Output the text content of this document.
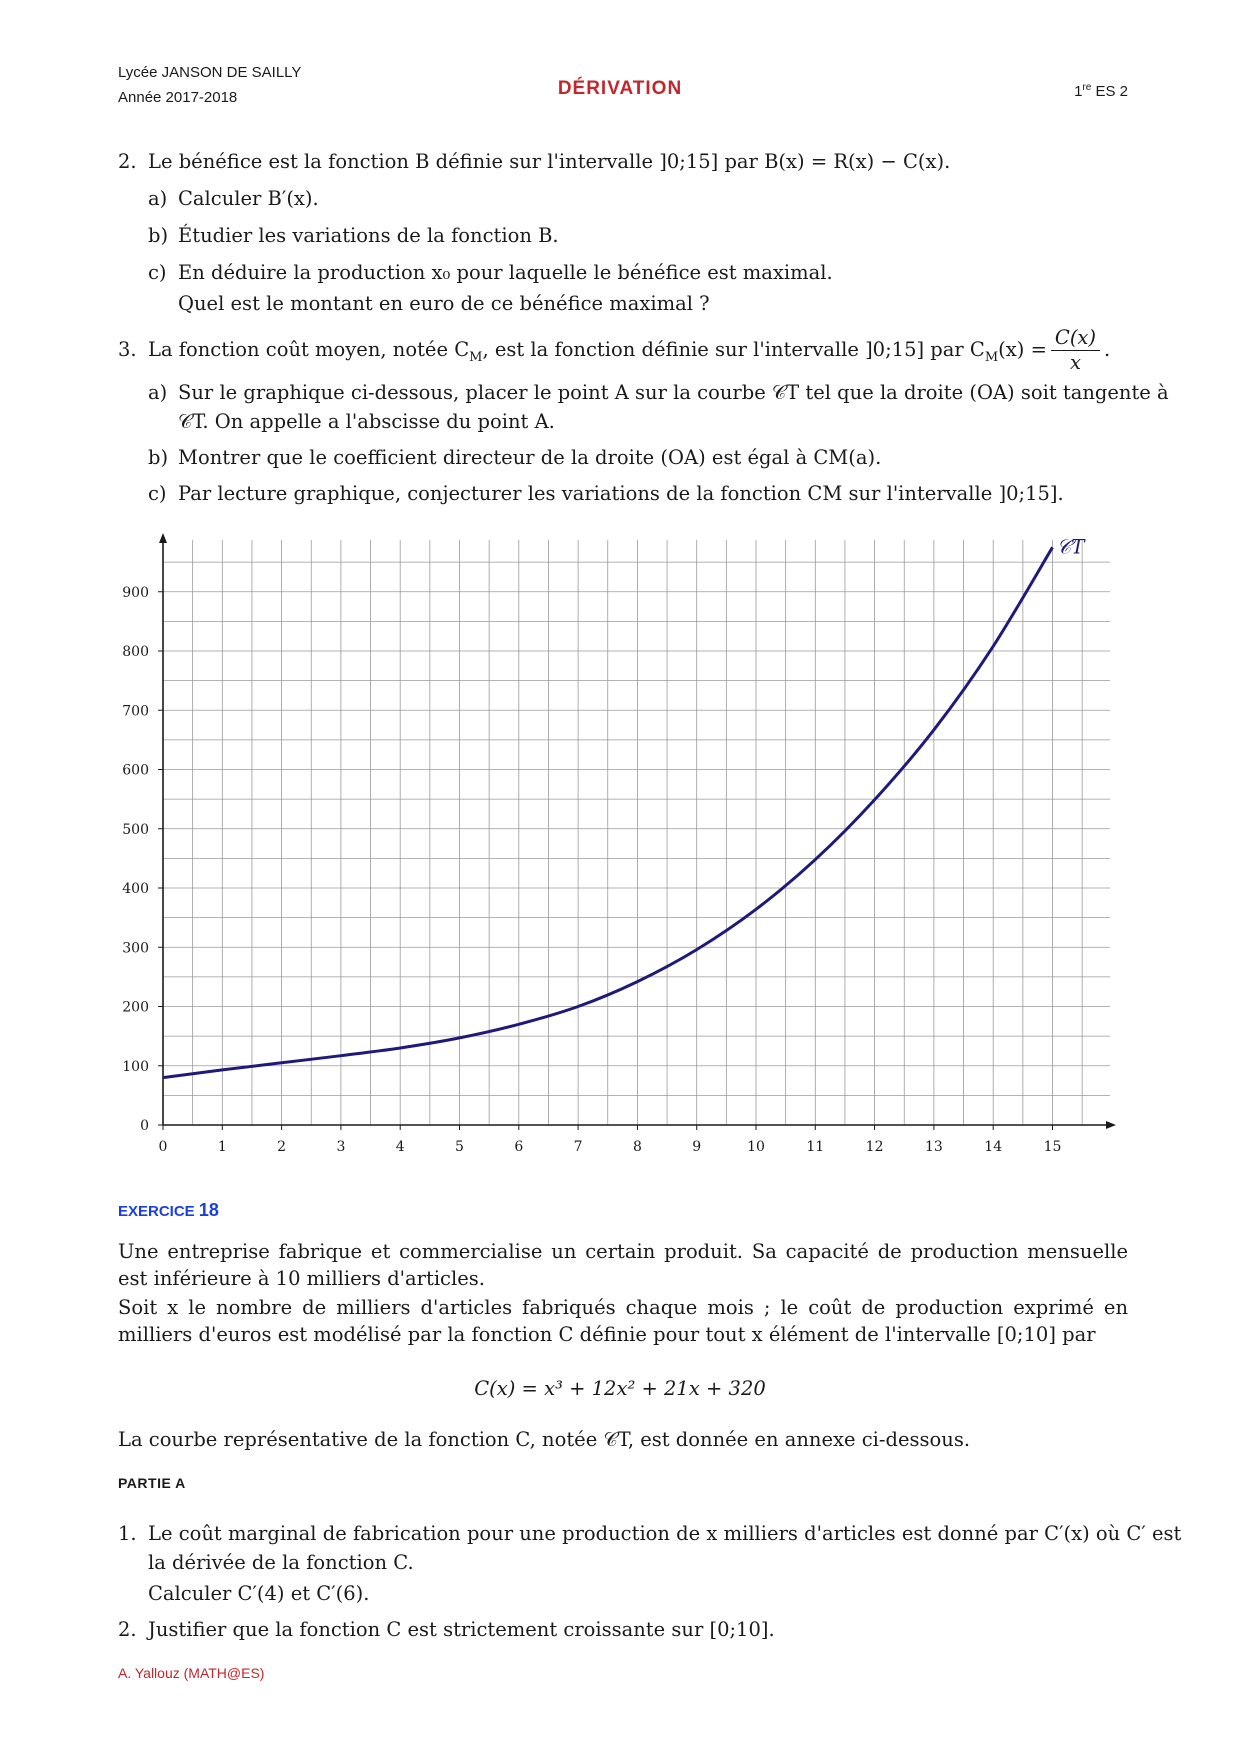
Lycée JANSON DE SAILLY
Année 2017-2018	DÉRIVATION	1re ES 2
2. Le bénéfice est la fonction B définie sur l'intervalle ]0;15] par B(x) = R(x) − C(x).
a) Calculer B′(x).
b) Étudier les variations de la fonction B.
c) En déduire la production x₀ pour laquelle le bénéfice est maximal.
Quel est le montant en euro de ce bénéfice maximal ?
3. La fonction coût moyen, notée $C_M$, est la fonction définie sur l'intervalle ]0;15] par $C_M(x) = \frac{C(x)}{x}$ .
a) Sur le graphique ci-dessous, placer le point A sur la courbe 𝒞T tel que la droite (OA) soit tangente à
𝒞T. On appelle a l'abscisse du point A.
b) Montrer que le coefficient directeur de la droite (OA) est égal à CM(a).
c) Par lecture graphique, conjecturer les variations de la fonction CM sur l'intervalle ]0;15].
0	1	2	3	4	5	6	7	8	9	10	11	12	13	14	15
0
100
200
300
400
500
600
700
800
900
𝒞T
EXERCICE 18
Une entreprise fabrique et commercialise un certain produit. Sa capacité de production mensuelle est inférieure à 10 milliers d'articles.
Soit x le nombre de milliers d'articles fabriqués chaque mois ; le coût de production exprimé en milliers d'euros est modélisé par la fonction C définie pour tout x élément de l'intervalle [0;10] par
C(x) = x³ + 12x² + 21x + 320
La courbe représentative de la fonction C, notée 𝒞T, est donnée en annexe ci-dessous.
PARTIE A
1. Le coût marginal de fabrication pour une production de x milliers d'articles est donné par C′(x) où C′ est
la dérivée de la fonction C.
Calculer C′(4) et C′(6).
2. Justifier que la fonction C est strictement croissante sur [0;10].
A. Yallouz (MATH@ES)
